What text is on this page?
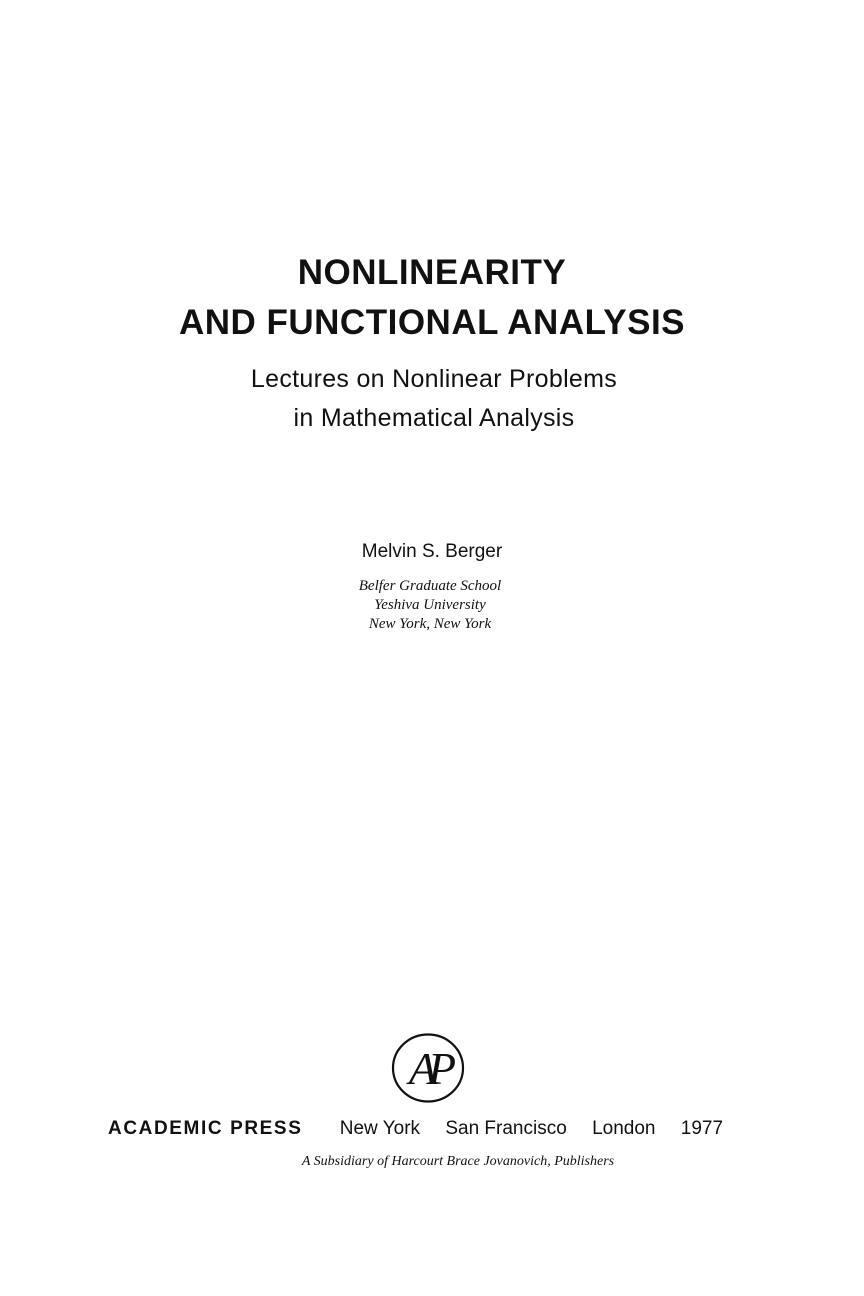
NONLINEARITY
AND FUNCTIONAL ANALYSIS
Lectures on Nonlinear Problems
in Mathematical Analysis
Melvin S. Berger
Belfer Graduate School
Yeshiva University
New York, New York
AP
ACADEMIC PRESS New York San Francisco London 1977
A Subsidiary of Harcourt Brace Jovanovich, Publishers
